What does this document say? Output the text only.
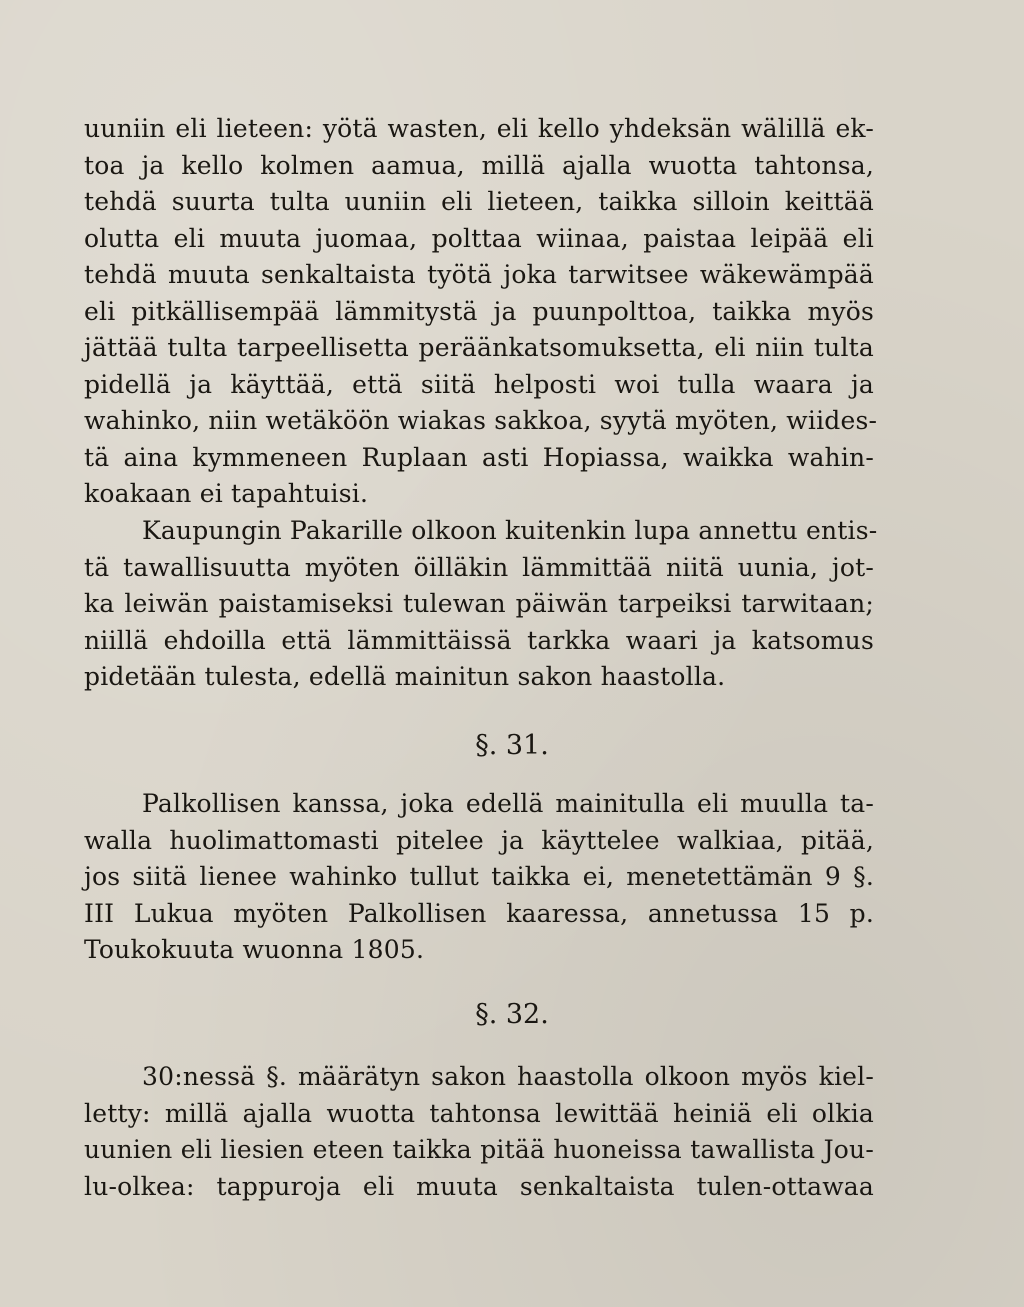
uuniin eli lieteen: yötä wasten, eli kello yhdeksän wälillä ek-
toa ja kello kolmen aamua, millä ajalla wuotta tahtonsa,
tehdä suurta tulta uuniin eli lieteen, taikka silloin keittää
olutta eli muuta juomaa, polttaa wiinaa, paistaa leipää eli
tehdä muuta senkaltaista työtä joka tarwitsee wäkewämpää
eli pitkällisempää lämmitystä ja puunpolttoa, taikka myös
jättää tulta tarpeellisetta peräänkatsomuksetta, eli niin tulta
pidellä ja käyttää, että siitä helposti woi tulla waara ja
wahinko, niin wetäköön wiakas sakkoa, syytä myöten, wiides-
tä aina kymmeneen Ruplaan asti Hopiassa, waikka wahin-
koakaan ei tapahtuisi.
Kaupungin Pakarille olkoon kuitenkin lupa annettu entis-
tä tawallisuutta myöten öilläkin lämmittää niitä uunia, jot-
ka leiwän paistamiseksi tulewan päiwän tarpeiksi tarwitaan;
niillä ehdoilla että lämmittäissä tarkka waari ja katsomus
pidetään tulesta, edellä mainitun sakon haastolla.
§. 31.
Palkollisen kanssa, joka edellä mainitulla eli muulla ta-
walla huolimattomasti pitelee ja käyttelee walkiaa, pitää,
jos siitä lienee wahinko tullut taikka ei, menetettämän 9 §.
III Lukua myöten Palkollisen kaaressa, annetussa 15 p.
Toukokuuta wuonna 1805.
§. 32.
30:nessä §. määrätyn sakon haastolla olkoon myös kiel-
letty: millä ajalla wuotta tahtonsa lewittää heiniä eli olkia
uunien eli liesien eteen taikka pitää huoneissa tawallista Jou-
lu-olkea: tappuroja eli muuta senkaltaista tulen-ottawaa
